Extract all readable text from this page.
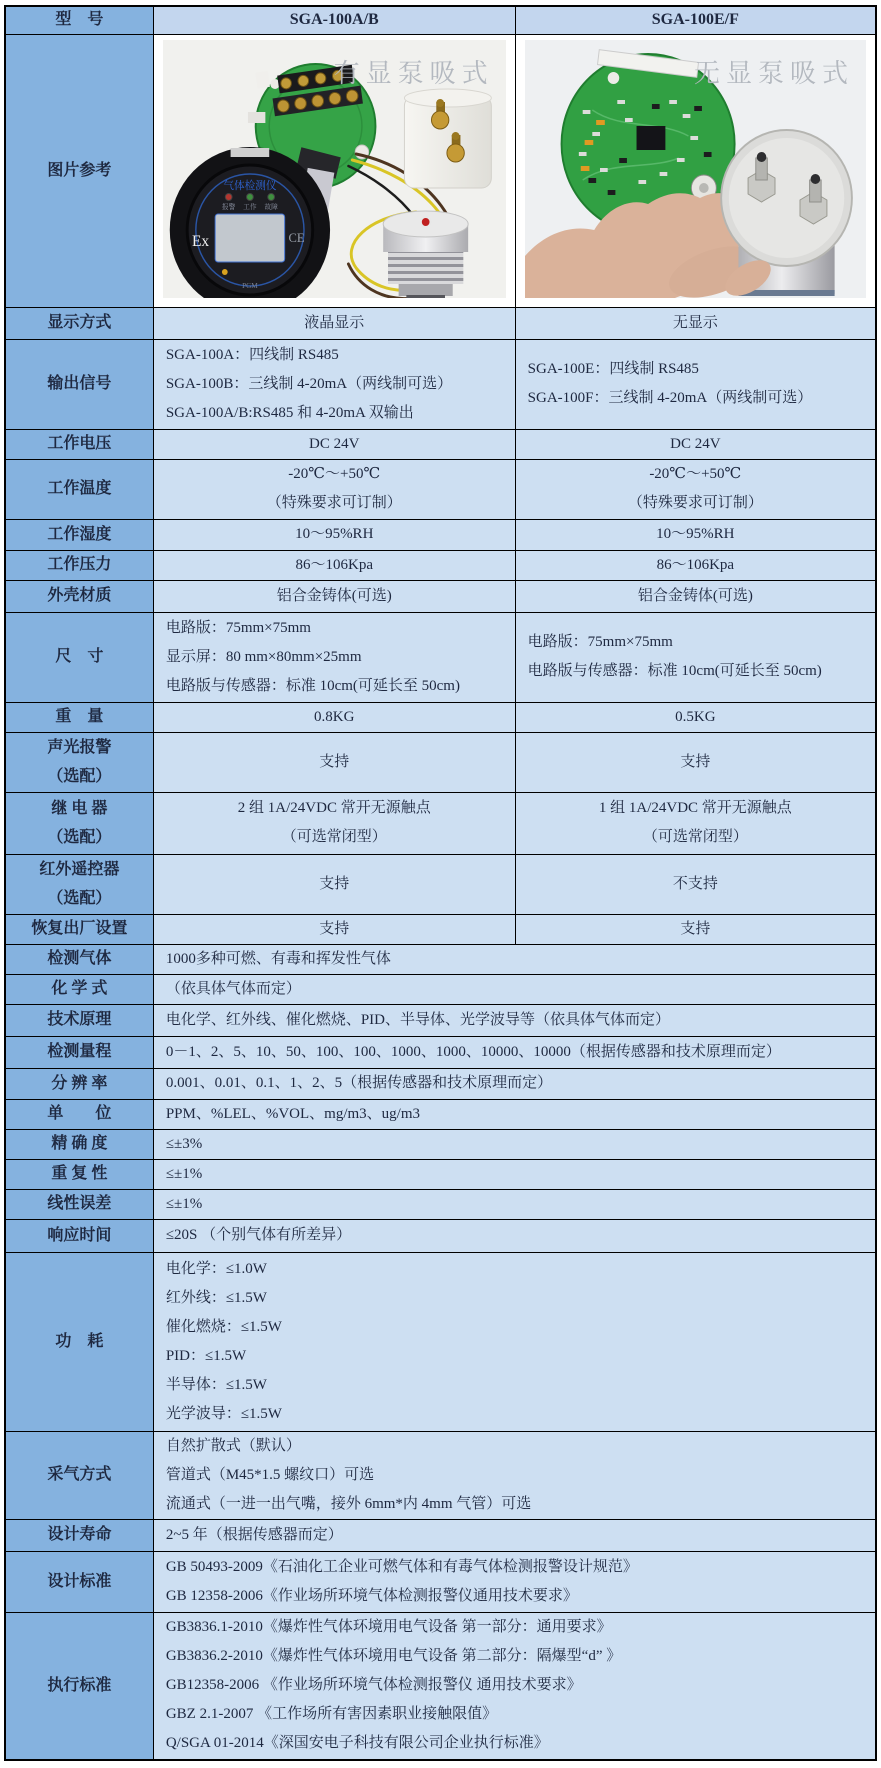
型　号	SGA-100A/B	SGA-100E/F
图片参考	
气体检测仪
报警 工作 故障
Ex	CE
PGM
有显泵吸式	无显泵吸式

显示方式	液晶显示	无显示
输出信号	
SGA-100A：四线制 RS485
SGA-100B：三线制 4-20mA（两线制可选）
SGA-100A/B:RS485 和 4-20mA 双输出

SGA-100E：四线制 RS485
SGA-100F：三线制 4-20mA（两线制可选）

工作电压	DC 24V	DC 24V
工作温度	
-20℃～+50℃
（特殊要求可订制）

-20℃～+50℃
（特殊要求可订制）

工作湿度	10～95%RH	10～95%RH
工作压力	86～106Kpa	86～106Kpa
外壳材质	铝合金铸体(可选)	铝合金铸体(可选)
尺　寸	
电路版：75mm×75mm
显示屏：80 mm×80mm×25mm
电路版与传感器：标准 10cm(可延长至 50cm)

电路版：75mm×75mm
电路版与传感器：标准 10cm(可延长至 50cm)

重　量	0.8KG	0.5KG

声光报警
（选配）	支持	支持

继 电 器
（选配）

2 组 1A/24VDC 常开无源触点
（可选常闭型）

1 组 1A/24VDC 常开无源触点
（可选常闭型）

红外遥控器
（选配）	支持	不支持
恢复出厂设置	支持	支持
检测气体	1000多种可燃、有毒和挥发性气体	
化 学 式	（依具体气体而定）	
技术原理	电化学、红外线、催化燃烧、PID、半导体、光学波导等（依具体气体而定）	
检测量程	0－1、2、5、10、50、100、100、1000、1000、10000、10000（根据传感器和技术原理而定）	
分 辨 率	0.001、0.01、0.1、1、2、5（根据传感器和技术原理而定）	
单　　位	PPM、%LEL、%VOL、mg/m3、ug/m3	
精 确 度	≤±3%	
重 复 性	≤±1%	
线性误差	≤±1%	
响应时间	≤20S （个别气体有所差异）	
功　耗	
电化学：≤1.0W
红外线：≤1.5W
催化燃烧：≤1.5W
PID：≤1.5W
半导体：≤1.5W
光学波导：≤1.5W

采气方式	自然扩散式（默认）
管道式（M45*1.5 螺纹口）可选
流通式（一进一出气嘴，接外 6mm*内 4mm 气管）可选	

设计寿命	2~5 年（根据传感器而定）	
设计标准	GB 50493-2009《石油化工企业可燃气体和有毒气体检测报警设计规范》
GB 12358-2006《作业场所环境气体检测报警仪通用技术要求》	

执行标准	GB3836.1-2010《爆炸性气体环境用电气设备 第一部分：通用要求》
GB3836.2-2010《爆炸性气体环境用电气设备 第二部分：隔爆型“d” 》
GB12358-2006 《作业场所环境气体检测报警仪 通用技术要求》
GBZ 2.1-2007 《工作场所有害因素职业接触限值》
Q/SGA 01-2014《深国安电子科技有限公司企业执行标准》	
